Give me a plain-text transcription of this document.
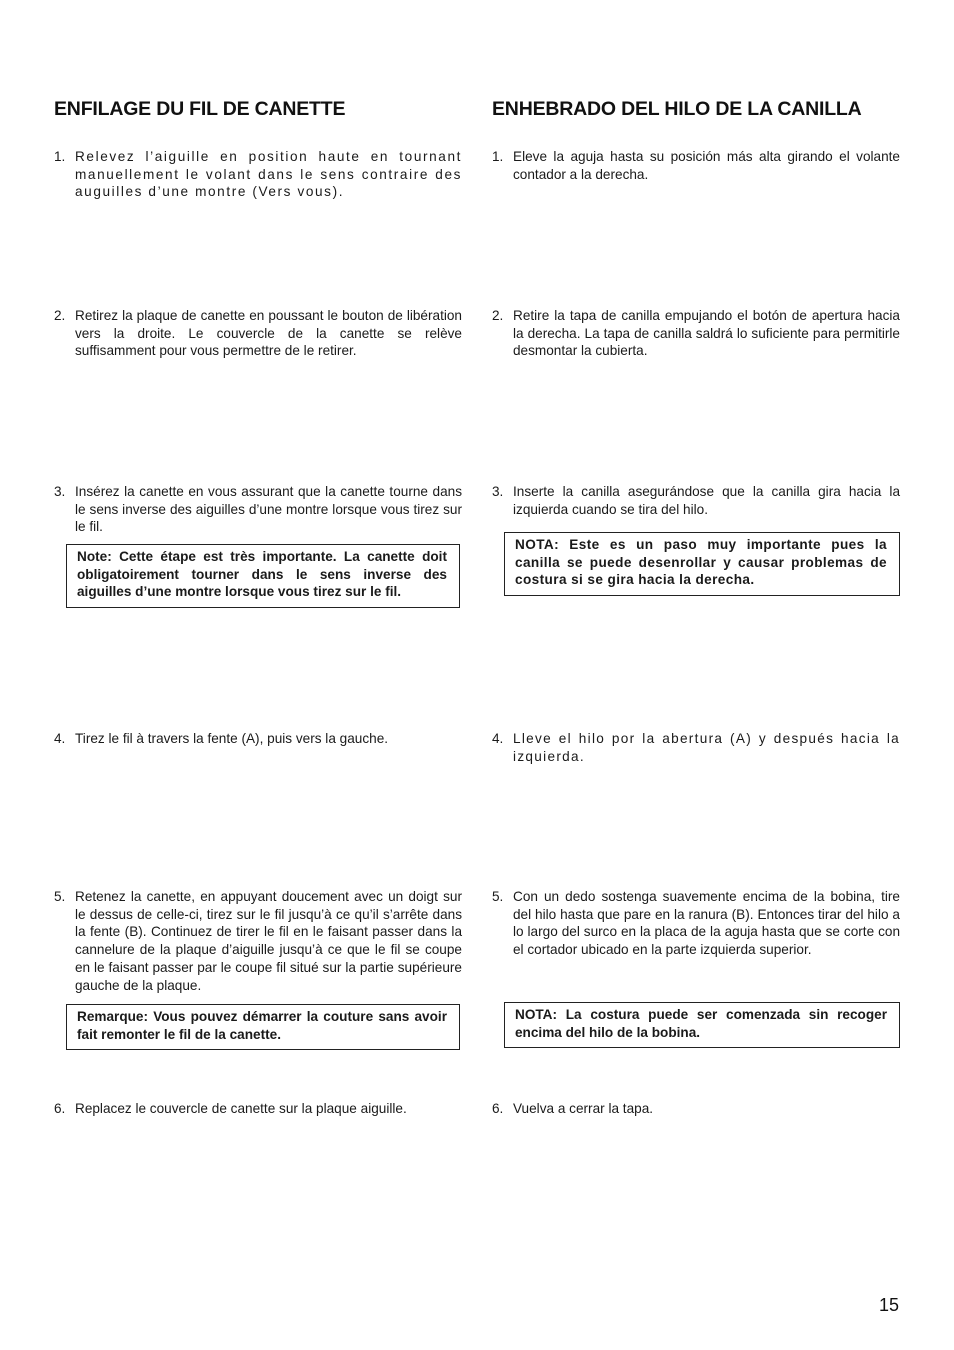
ENFILAGE DU FIL DE CANETTE
1. Relevez l’aiguille en position haute en tournant manuellement le volant dans le sens contraire des auguilles d’une montre (Vers vous).
2. Retirez la plaque de canette en poussant le bouton de libération vers la droite. Le couvercle de la canette se relève suffisamment pour vous permettre de le retirer.
3. Insérez la canette en vous assurant que la canette tourne dans le sens inverse des aiguilles d’une montre lorsque vous tirez sur le fil.
Note: Cette étape est très importante. La canette doit obligatoirement tourner dans le sens inverse des aiguilles d’une montre lorsque vous tirez sur le fil.
4. Tirez le fil à travers la fente (A), puis vers la gauche.
5. Retenez la canette, en appuyant doucement avec un doigt sur le dessus de celle-ci, tirez sur le fil jusqu’à ce qu’il s’arrête dans la fente (B). Continuez de tirer le fil en le faisant passer dans la cannelure de la plaque d’aiguille jusqu’à ce que le fil se coupe en le faisant passer par le coupe fil situé sur la partie supérieure gauche de la plaque.
Remarque: Vous pouvez démarrer la couture sans avoir fait remonter le fil de la canette.
6. Replacez le couvercle de canette sur la plaque aiguille.
ENHEBRADO DEL HILO DE LA CANILLA
1. Eleve la aguja hasta su posición más alta girando el volante contador a la derecha.
2. Retire la tapa de canilla empujando el botón de apertura hacia la derecha. La tapa de canilla saldrá lo suficiente para permitirle desmontar la cubierta.
3. Inserte la canilla asegurándose que la canilla gira hacia la izquierda cuando se tira del hilo.
NOTA: Este es un paso muy importante pues la canilla se puede desenrollar y causar problemas de costura si se gira hacia la derecha.
4. Lleve el hilo por la abertura (A) y después hacia la izquierda.
5. Con un dedo sostenga suavemente encima de la bobina, tire del hilo hasta que pare en la ranura (B). Entonces tirar del hilo a lo largo del surco en la placa de la aguja hasta que se corte con el cortador ubicado en la parte izquierda superior.
NOTA: La costura puede ser comenzada sin recoger encima del hilo de la bobina.
6. Vuelva a cerrar la tapa.
15
